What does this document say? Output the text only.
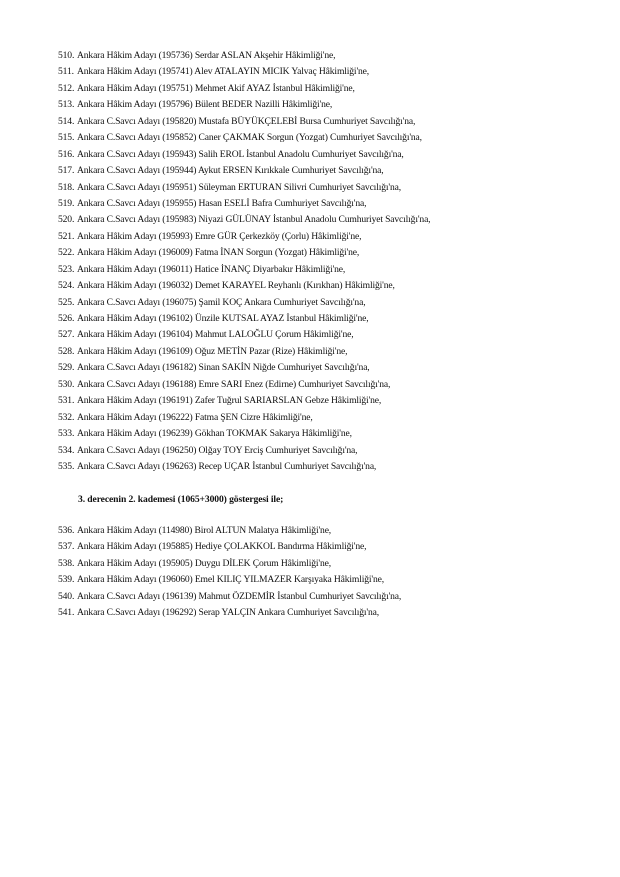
510. Ankara Hâkim Adayı (195736) Serdar ASLAN Akşehir Hâkimliği'ne,
511. Ankara Hâkim Adayı (195741) Alev ATALAYIN MICIK Yalvaç Hâkimliği'ne,
512. Ankara Hâkim Adayı (195751) Mehmet Akif AYAZ İstanbul Hâkimliği'ne,
513. Ankara Hâkim Adayı (195796) Bülent BEDER Nazilli Hâkimliği'ne,
514. Ankara C.Savcı Adayı (195820) Mustafa BÜYÜKÇELEBİ Bursa Cumhuriyet Savcılığı'na,
515. Ankara C.Savcı Adayı (195852) Caner ÇAKMAK Sorgun (Yozgat) Cumhuriyet Savcılığı'na,
516. Ankara C.Savcı Adayı (195943) Salih EROL İstanbul Anadolu Cumhuriyet Savcılığı'na,
517. Ankara C.Savcı Adayı (195944) Aykut ERSEN Kırıkkale Cumhuriyet Savcılığı'na,
518. Ankara C.Savcı Adayı (195951) Süleyman ERTURAN Silivri Cumhuriyet Savcılığı'na,
519. Ankara C.Savcı Adayı (195955) Hasan ESELİ Bafra Cumhuriyet Savcılığı'na,
520. Ankara C.Savcı Adayı (195983) Niyazi GÜLÜNAY İstanbul Anadolu Cumhuriyet Savcılığı'na,
521. Ankara Hâkim Adayı (195993) Emre GÜR Çerkezköy (Çorlu) Hâkimliği'ne,
522. Ankara Hâkim Adayı (196009) Fatma İNAN Sorgun (Yozgat) Hâkimliği'ne,
523. Ankara Hâkim Adayı (196011) Hatice İNANÇ Diyarbakır Hâkimliği'ne,
524. Ankara Hâkim Adayı (196032) Demet KARAYEL Reyhanlı (Kırıkhan) Hâkimliği'ne,
525. Ankara C.Savcı Adayı (196075) Şamil KOÇ Ankara Cumhuriyet Savcılığı'na,
526. Ankara Hâkim Adayı (196102) Ünzile KUTSAL AYAZ İstanbul Hâkimliği'ne,
527. Ankara Hâkim Adayı (196104) Mahmut LALOĞLU Çorum Hâkimliği'ne,
528. Ankara Hâkim Adayı (196109) Oğuz METİN Pazar (Rize) Hâkimliği'ne,
529. Ankara C.Savcı Adayı (196182) Sinan SAKİN Niğde Cumhuriyet Savcılığı'na,
530. Ankara C.Savcı Adayı (196188) Emre SARI Enez (Edirne) Cumhuriyet Savcılığı'na,
531. Ankara Hâkim Adayı (196191) Zafer Tuğrul SARIARSLAN Gebze Hâkimliği'ne,
532. Ankara Hâkim Adayı (196222) Fatma ŞEN Cizre Hâkimliği'ne,
533. Ankara Hâkim Adayı (196239) Gökhan TOKMAK Sakarya Hâkimliği'ne,
534. Ankara C.Savcı Adayı (196250) Olğay TOY Erciş Cumhuriyet Savcılığı'na,
535. Ankara C.Savcı Adayı (196263) Recep UÇAR İstanbul Cumhuriyet Savcılığı'na,
3. derecenin 2. kademesi (1065+3000) göstergesi ile;
536. Ankara Hâkim Adayı (114980) Birol ALTUN Malatya Hâkimliği'ne,
537. Ankara Hâkim Adayı (195885) Hediye ÇOLAKKOL Bandırma Hâkimliği'ne,
538. Ankara Hâkim Adayı (195905) Duygu DİLEK Çorum Hâkimliği'ne,
539. Ankara Hâkim Adayı (196060) Emel KILIÇ YILMAZER Karşıyaka Hâkimliği'ne,
540. Ankara C.Savcı Adayı (196139) Mahmut ÖZDEMİR İstanbul Cumhuriyet Savcılığı'na,
541. Ankara C.Savcı Adayı (196292) Serap YALÇIN Ankara Cumhuriyet Savcılığı'na,
